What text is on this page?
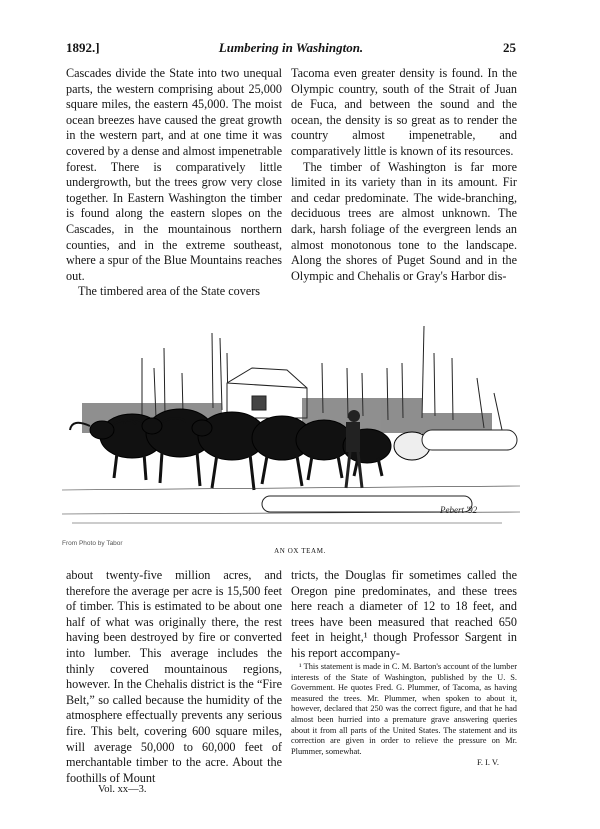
1892.]	Lumbering in Washington.	25

Cascades divide the State into two unequal parts, the western comprising about 25,000 square miles, the eastern 45,000. The moist ocean breezes have caused the great growth in the western part, and at one time it was covered by a dense and almost impenetrable forest. There is comparatively little undergrowth, but the trees grow very close together. In Eastern Washington the timber is found along the eastern slopes on the Cascades, in the mountainous northern counties, and in the extreme southeast, where a spur of the Blue Mountains reaches out.

The timbered area of the State covers

Tacoma even greater density is found. In the Olympic country, south of the Strait of Juan de Fuca, and between the sound and the ocean, the density is so great as to render the country almost impenetrable, and comparatively little is known of its resources.

The timber of Washington is far more limited in its variety than in its amount. Fir and cedar predominate. The wide-branching, deciduous trees are almost unknown. The dark, harsh foliage of the evergreen lends an almost monotonous tone to the landscape. Along the shores of Puget Sound and in the Olympic and Chehalis or Gray's Harbor dis-

Pebert '92
From Photo by Tabor
AN OX TEAM.

about twenty-five million acres, and therefore the average per acre is 15,500 feet of timber. This is estimated to be about one half of what was originally there, the rest having been destroyed by fire or converted into lumber. This average includes the thinly covered mountainous regions, however. In the Chehalis district is the “Fire Belt,” so called because the humidity of the atmosphere effectually prevents any serious fire. This belt, covering 600 square miles, will average 50,000 to 60,000 feet of merchantable timber to the acre. About the foothills of Mount

tricts, the Douglas fir sometimes called the Oregon pine predominates, and these trees here reach a diameter of 12 to 18 feet, and trees have been measured that reached 650 feet in height,¹ though Professor Sargent in his report accompany-

¹ This statement is made in C. M. Barton's account of the lumber interests of the State of Washington, published by the U. S. Government. He quotes Fred. G. Plummer, of Tacoma, as having measured the trees. Mr. Plummer, when spoken to about it, however, declared that 250 was the correct figure, and that he had almost been hurried into a premature grave answering queries about it from all parts of the United States. The statement and its correction are given in order to relieve the pressure on Mr. Plummer, somewhat.

F. I. V.
Vol. xx—3.
